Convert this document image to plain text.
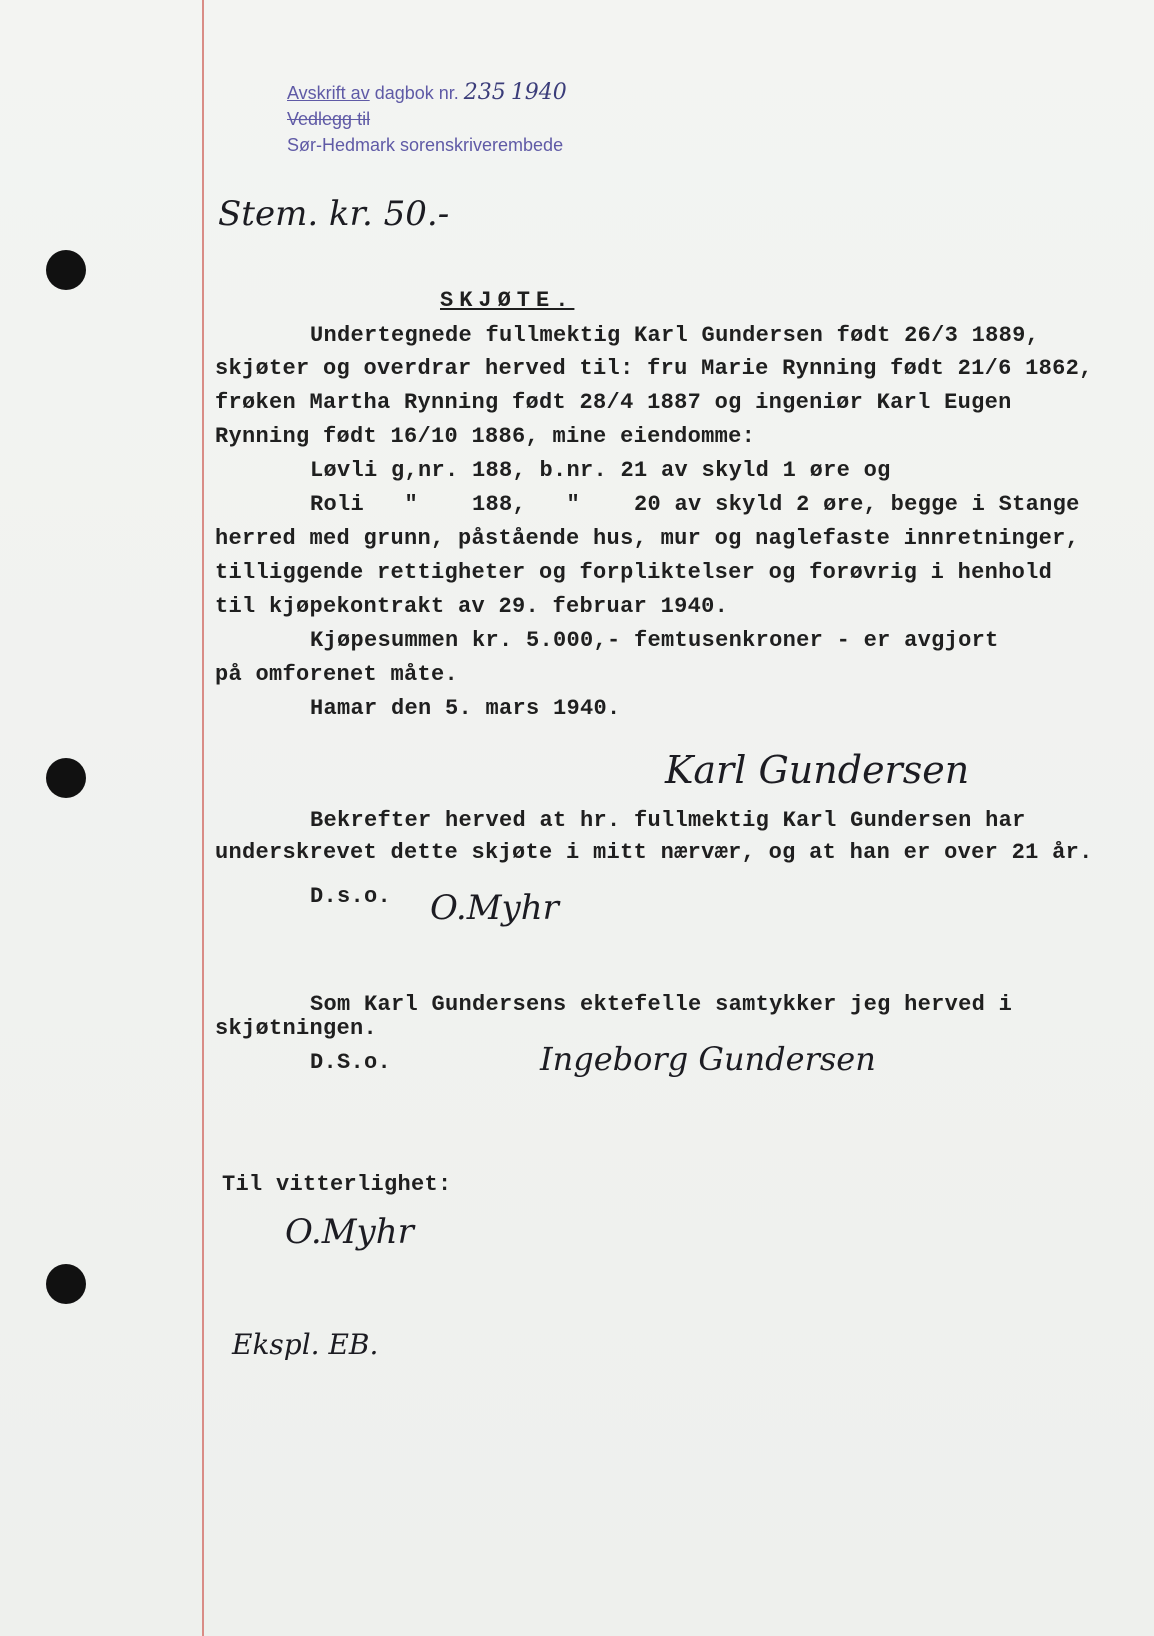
Avskrift av dagbok nr. 235 1940
Vedlegg til
Sør-Hedmark sorenskriverembede
Stem. kr. 50.-
SKJØTE.
Undertegnede fullmektig Karl Gundersen født 26/3 1889,
skjøter og overdrar herved til: fru Marie Rynning født 21/6 1862,
frøken Martha Rynning født 28/4 1887 og ingeniør Karl Eugen
Rynning født 16/10 1886, mine eiendomme:
Løvli g,nr. 188, b.nr. 21 av skyld 1 øre og
Roli   "    188,   "    20 av skyld 2 øre, begge i Stange
herred med grunn, påstående hus, mur og naglefaste innretninger,
tilliggende rettigheter og forpliktelser og forøvrig i henhold
til kjøpekontrakt av 29. februar 1940.
Kjøpesummen kr. 5.000,- femtusenkroner - er avgjort
på omforenet måte.
Hamar den 5. mars 1940.
Karl Gundersen
Bekrefter herved at hr. fullmektig Karl Gundersen har
underskrevet dette skjøte i mitt nærvær, og at han er over 21 år.
D.s.o. O.Myhr
Som Karl Gundersens ektefelle samtykker jeg herved i
skjøtningen.
D.S.o.	Ingeborg Gundersen
Til vitterlighet:
O.Myhr
Ekspl. EB.
